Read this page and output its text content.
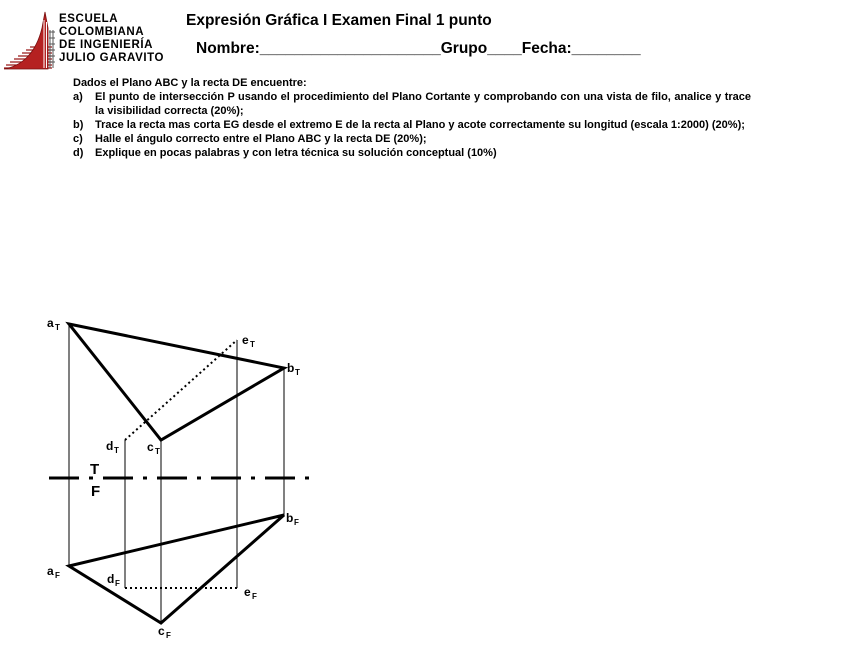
ESCUELA
COLOMBIANA
DE INGENIERÍA
JULIO GARAVITO
Expresión Gráfica I Examen Final 1 punto
Nombre:_____________________Grupo____Fecha:________

Dados el Plano ABC y la recta DE encuentre:

a) El punto de intersección P usando el procedimiento del Plano Cortante y comprobando con una vista de filo, analice y trace la visibilidad correcta (20%);
b) Trace la recta mas corta EG desde el extremo E de la recta al Plano y acote correctamente su longitud (escala 1:2000) (20%);
c) Halle el ángulo correcto entre el Plano ABC y la recta DE (20%);
d) Explique en pocas palabras y con letra técnica su solución conceptual (10%)
T
F
a T
b T
c T
d T
e T
a F
b F
c F
d F
e F
